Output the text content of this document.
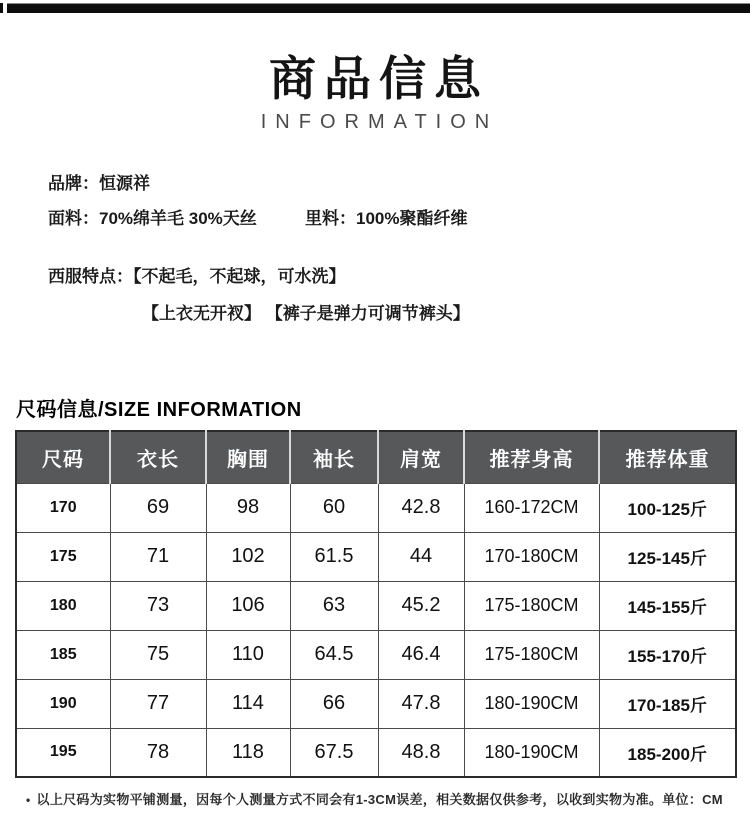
商品信息
INFORMATION
品牌：恒源祥
面料：70%绵羊毛 30%天丝	里料：100%聚酯纤维
西服特点：【不起毛，不起球，可水洗】
【上衣无开衩】 【裤子是弹力可调节裤头】
尺码信息/SIZE INFORMATION
尺码	衣长	胸围	袖长	肩宽	推荐身高	推荐体重
170	69	98	60	42.8	160-172CM	100-125斤
175	71	102	61.5	44	170-180CM	125-145斤
180	73	106	63	45.2	175-180CM	145-155斤
185	75	110	64.5	46.4	175-180CM	155-170斤
190	77	114	66	47.8	180-190CM	170-185斤
195	78	118	67.5	48.8	180-190CM	185-200斤
• 以上尺码为实物平铺测量，因每个人测量方式不同会有1-3CM误差，相关数据仅供参考，以收到实物为准。单位：CM
